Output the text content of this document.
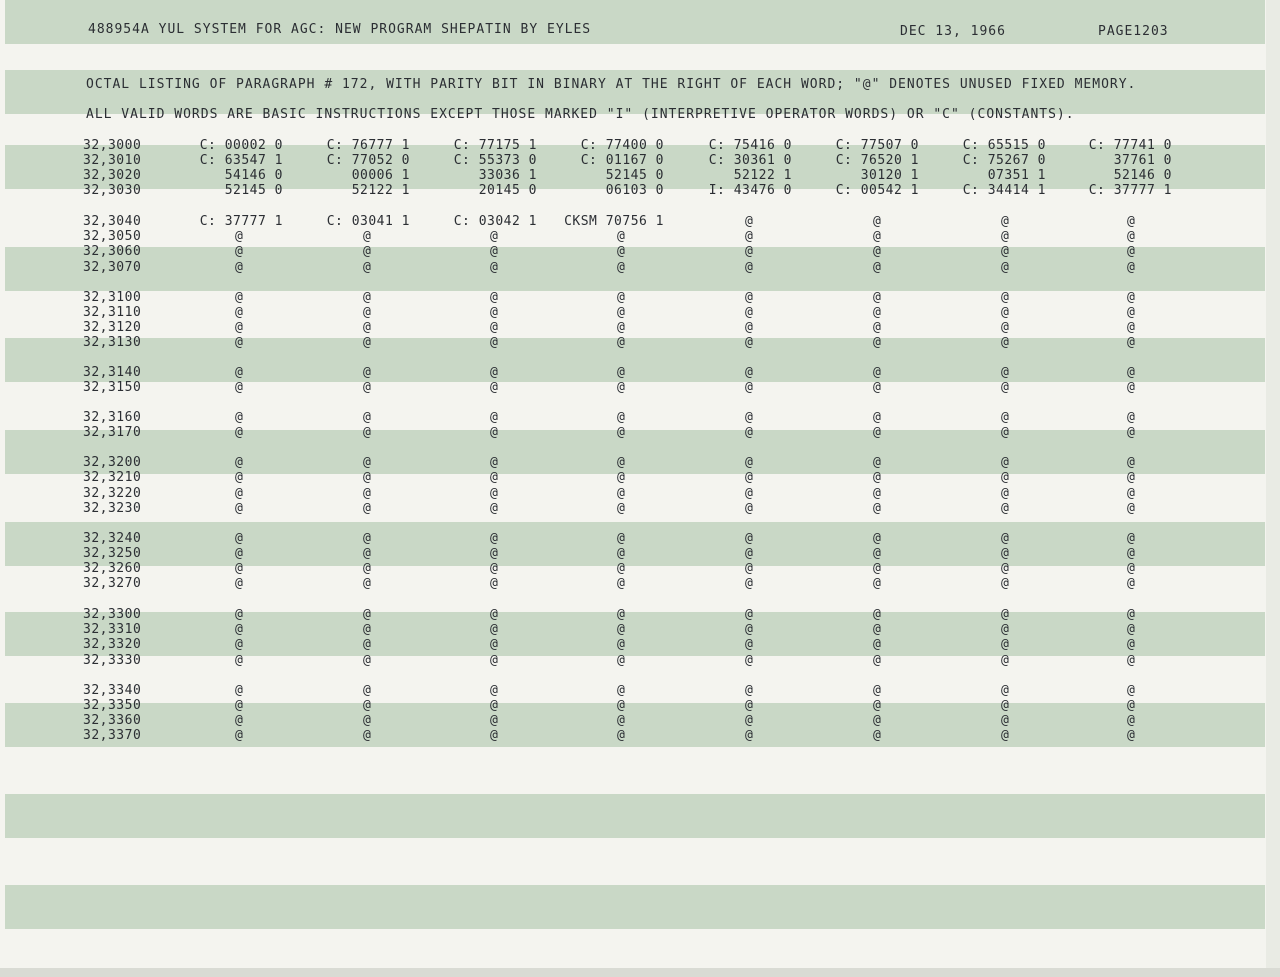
488954A YUL SYSTEM FOR AGC: NEW PROGRAM SHEPATIN BY EYLES	DEC 13, 1966	PAGE1203
OCTAL LISTING OF PARAGRAPH # 172, WITH PARITY BIT IN BINARY AT THE RIGHT OF EACH WORD; "@" DENOTES UNUSED FIXED MEMORY.
ALL VALID WORDS ARE BASIC INSTRUCTIONS EXCEPT THOSE MARKED "I" (INTERPRETIVE OPERATOR WORDS) OR "C" (CONSTANTS).
32,3000	C: 00002 0	C: 76777 1	C: 77175 1	C: 77400 0	C: 75416 0	C: 77507 0	C: 65515 0	C: 77741 0
32,3010	C: 63547 1	C: 77052 0	C: 55373 0	C: 01167 0	C: 30361 0	C: 76520 1	C: 75267 0	37761 0
32,3020	54146 0	00006 1	33036 1	52145 0	52122 1	30120 1	07351 1	52146 0
32,3030	52145 0	52122 1	20145 0	06103 0	I: 43476 0	C: 00542 1	C: 34414 1	C: 37777 1
32,3040	C: 37777 1	C: 03041 1	C: 03042 1	CKSM 70756 1	@	@	@	@
32,3050	@	@	@	@	@	@	@	@
32,3060	@	@	@	@	@	@	@	@
32,3070	@	@	@	@	@	@	@	@
32,3100	@	@	@	@	@	@	@	@
32,3110	@	@	@	@	@	@	@	@
32,3120	@	@	@	@	@	@	@	@
32,3130	@	@	@	@	@	@	@	@
32,3140	@	@	@	@	@	@	@	@
32,3150	@	@	@	@	@	@	@	@
32,3160	@	@	@	@	@	@	@	@
32,3170	@	@	@	@	@	@	@	@
32,3200	@	@	@	@	@	@	@	@
32,3210	@	@	@	@	@	@	@	@
32,3220	@	@	@	@	@	@	@	@
32,3230	@	@	@	@	@	@	@	@
32,3240	@	@	@	@	@	@	@	@
32,3250	@	@	@	@	@	@	@	@
32,3260	@	@	@	@	@	@	@	@
32,3270	@	@	@	@	@	@	@	@
32,3300	@	@	@	@	@	@	@	@
32,3310	@	@	@	@	@	@	@	@
32,3320	@	@	@	@	@	@	@	@
32,3330	@	@	@	@	@	@	@	@
32,3340	@	@	@	@	@	@	@	@
32,3350	@	@	@	@	@	@	@	@
32,3360	@	@	@	@	@	@	@	@
32,3370	@	@	@	@	@	@	@	@
